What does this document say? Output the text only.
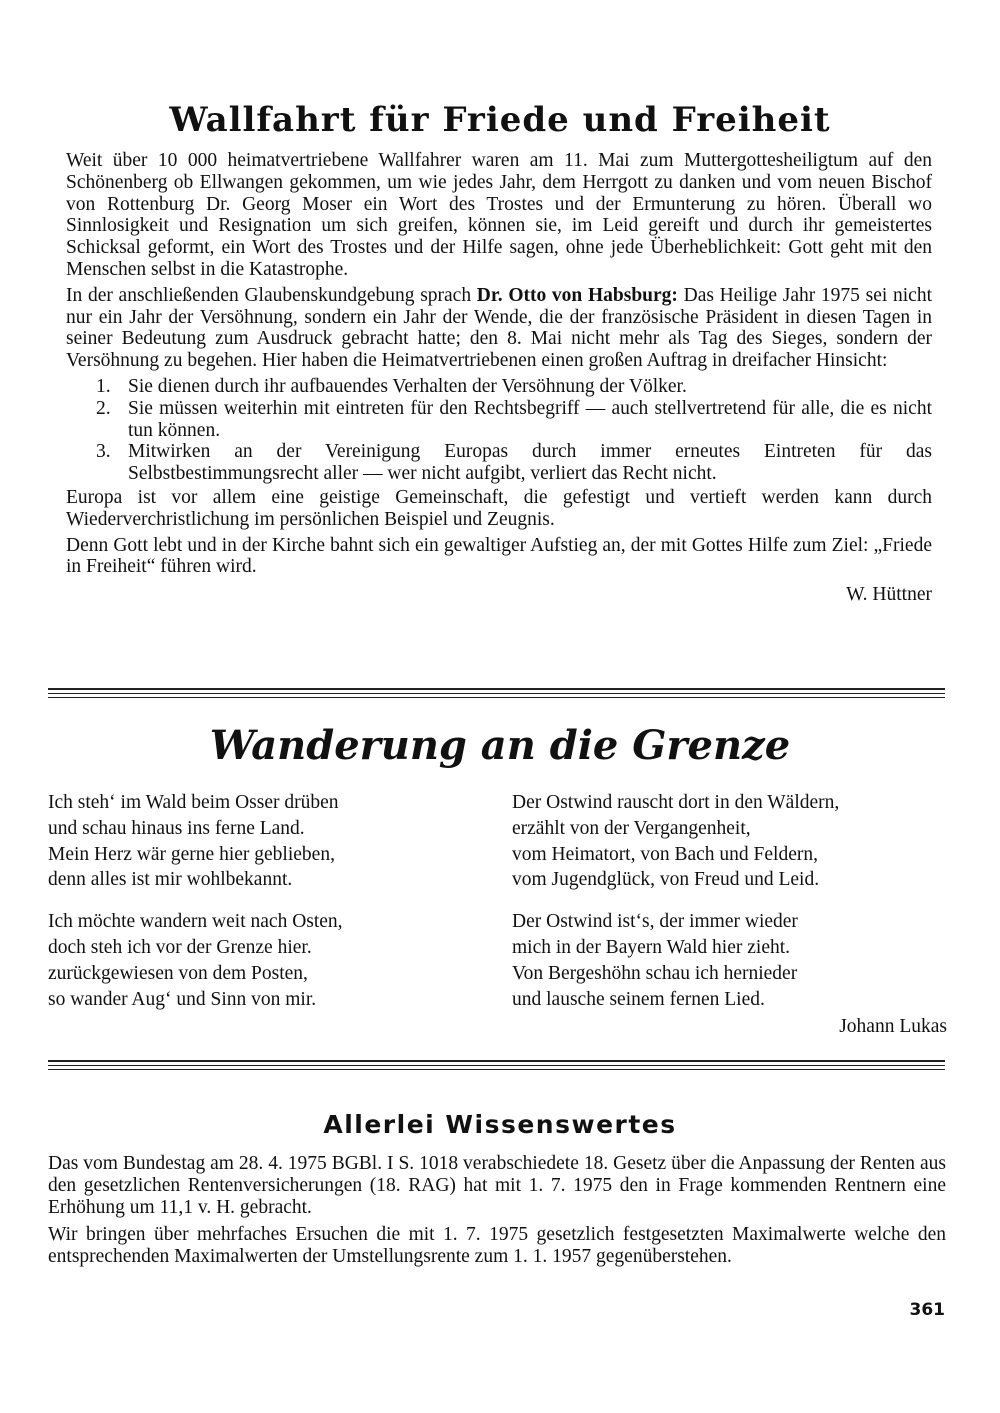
Wallfahrt für Friede und Freiheit

Weit über 10 000 heimatvertriebene Wallfahrer waren am 11. Mai zum Muttergottesheiligtum auf den Schönenberg ob Ellwangen gekommen, um wie jedes Jahr, dem Herrgott zu danken und vom neuen Bischof von Rottenburg Dr. Georg Moser ein Wort des Trostes und der Ermunterung zu hören. Überall wo Sinnlosigkeit und Resignation um sich greifen, können sie, im Leid gereift und durch ihr gemeistertes Schicksal geformt, ein Wort des Trostes und der Hilfe sagen, ohne jede Überheblichkeit: Gott geht mit den Menschen selbst in die Katastrophe.

In der anschließenden Glaubenskundgebung sprach Dr. Otto von Habsburg: Das Heilige Jahr 1975 sei nicht nur ein Jahr der Versöhnung, sondern ein Jahr der Wende, die der französische Präsident in diesen Tagen in seiner Bedeutung zum Ausdruck gebracht hatte; den 8. Mai nicht mehr als Tag des Sieges, sondern der Versöhnung zu begehen. Hier haben die Heimatvertriebenen einen großen Auftrag in dreifacher Hinsicht:

1. Sie dienen durch ihr aufbauendes Verhalten der Versöhnung der Völker.
2. Sie müssen weiterhin mit eintreten für den Rechtsbegriff — auch stellvertretend für alle, die es nicht tun können.
3. Mitwirken an der Vereinigung Europas durch immer erneutes Eintreten für das Selbstbestimmungsrecht aller — wer nicht aufgibt, verliert das Recht nicht.

Europa ist vor allem eine geistige Gemeinschaft, die gefestigt und vertieft werden kann durch Wiederverchristlichung im persönlichen Beispiel und Zeugnis.

Denn Gott lebt und in der Kirche bahnt sich ein gewaltiger Aufstieg an, der mit Gottes Hilfe zum Ziel: „Friede in Freiheit“ führen wird.

W. Hüttner
Wanderung an die Grenze
Ich steh‘ im Wald beim Osser drüben
und schau hinaus ins ferne Land.
Mein Herz wär gerne hier geblieben,
denn alles ist mir wohlbekannt.
Ich möchte wandern weit nach Osten,
doch steh ich vor der Grenze hier.
zurückgewiesen von dem Posten,
so wander Aug‘ und Sinn von mir.
Der Ostwind rauscht dort in den Wäldern,
erzählt von der Vergangenheit,
vom Heimatort, von Bach und Feldern,
vom Jugendglück, von Freud und Leid.
Der Ostwind ist‘s, der immer wieder
mich in der Bayern Wald hier zieht.
Von Bergeshöhn schau ich hernieder
und lausche seinem fernen Lied.
Johann Lukas
Allerlei Wissenswertes

Das vom Bundestag am 28. 4. 1975 BGBl. I S. 1018 verabschiedete 18. Gesetz über die Anpassung der Renten aus den gesetzlichen Rentenversicherungen (18. RAG) hat mit 1. 7. 1975 den in Frage kommenden Rentnern eine Erhöhung um 11,1 v. H. gebracht.

Wir bringen über mehrfaches Ersuchen die mit 1. 7. 1975 gesetzlich festgesetzten Maximalwerte welche den entsprechenden Maximalwerten der Umstellungsrente zum 1. 1. 1957 gegenüberstehen.

361
